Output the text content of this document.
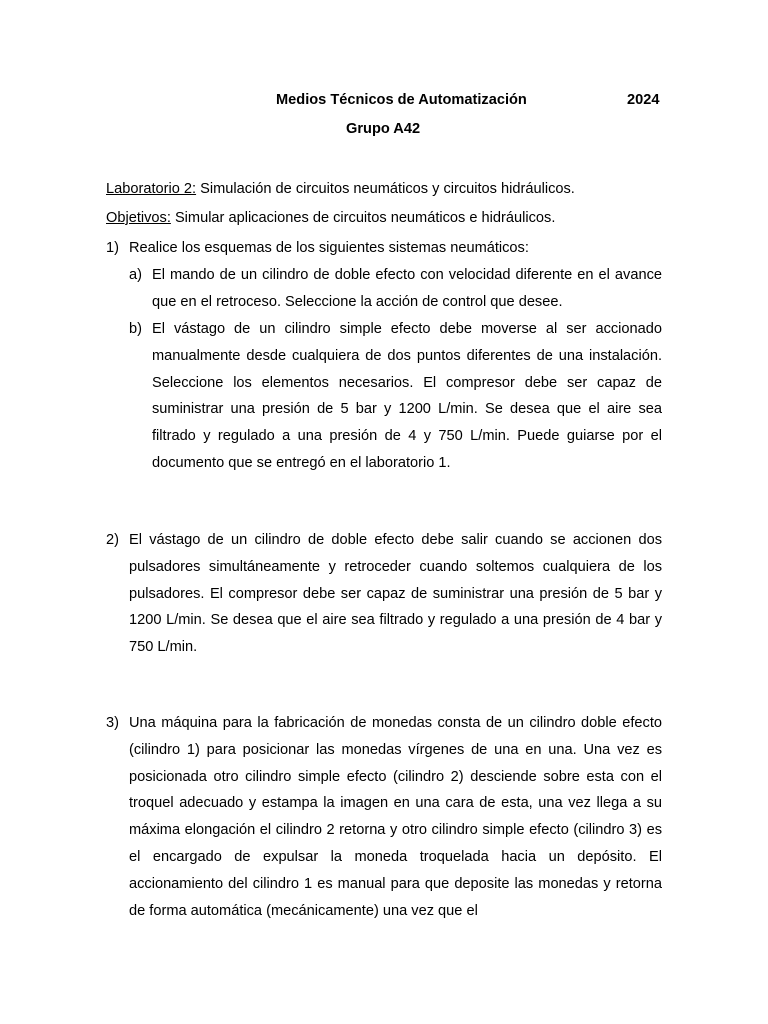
Medios Técnicos de Automatización	2024
Grupo A42
Laboratorio 2: Simulación de circuitos neumáticos y circuitos hidráulicos.
Objetivos: Simular aplicaciones de circuitos neumáticos e hidráulicos.
1) Realice los esquemas de los siguientes sistemas neumáticos:
a) El mando de un cilindro de doble efecto con velocidad diferente en el avance que en el retroceso. Seleccione la acción de control que desee.
b) El vástago de un cilindro simple efecto debe moverse al ser accionado manualmente desde cualquiera de dos puntos diferentes de una instalación. Seleccione los elementos necesarios. El compresor debe ser capaz de suministrar una presión de 5 bar y 1200 L/min. Se desea que el aire sea filtrado y regulado a una presión de 4 y 750 L/min. Puede guiarse por el documento que se entregó en el laboratorio 1.
2) El vástago de un cilindro de doble efecto debe salir cuando se accionen dos pulsadores simultáneamente y retroceder cuando soltemos cualquiera de los pulsadores. El compresor debe ser capaz de suministrar una presión de 5 bar y 1200 L/min. Se desea que el aire sea filtrado y regulado a una presión de 4 bar y 750 L/min.
3) Una máquina para la fabricación de monedas consta de un cilindro doble efecto (cilindro 1) para posicionar las monedas vírgenes de una en una. Una vez es posicionada otro cilindro simple efecto (cilindro 2) desciende sobre esta con el troquel adecuado y estampa la imagen en una cara de esta, una vez llega a su máxima elongación el cilindro 2 retorna y otro cilindro simple efecto (cilindro 3) es el encargado de expulsar la moneda troquelada hacia un depósito. El accionamiento del cilindro 1 es manual para que deposite las monedas y retorna de forma automática (mecánicamente) una vez que el
